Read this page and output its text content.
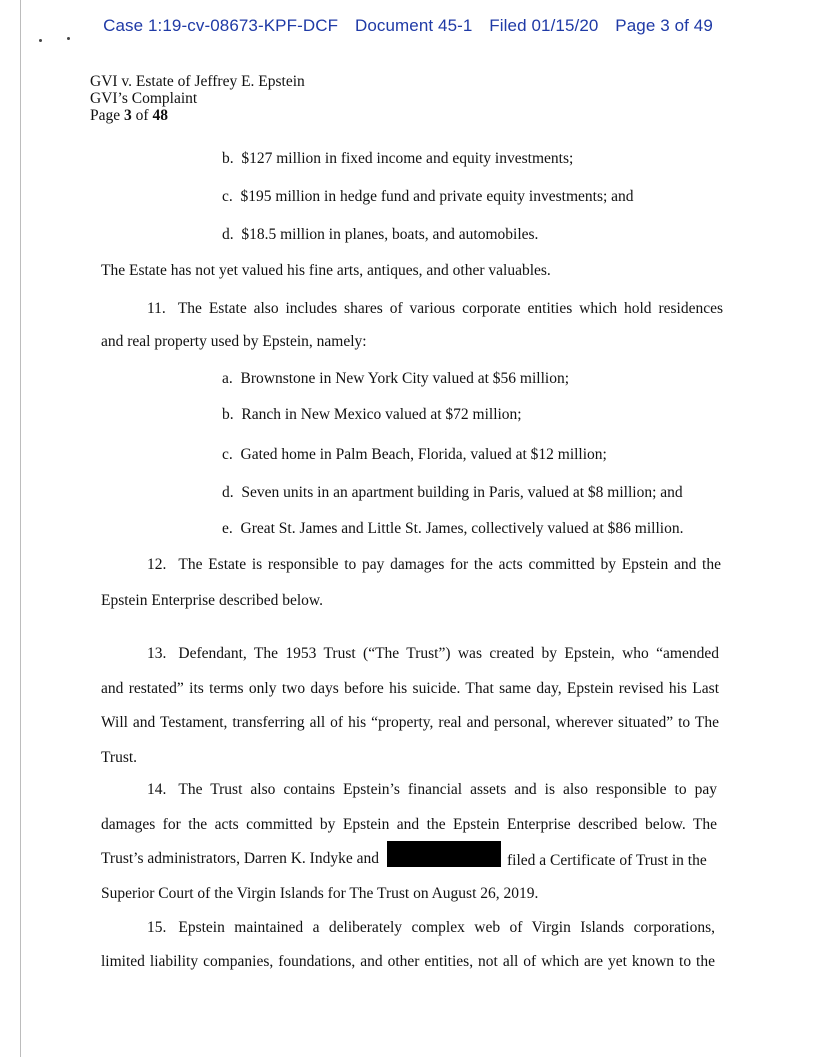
Case 1:19-cv-08673-KPF-DCF Document 45-1 Filed 01/15/20 Page 3 of 49
GVI v. Estate of Jeffrey E. Epstein
GVI’s Complaint
Page 3 of 48
b. $127 million in fixed income and equity investments;
c. $195 million in hedge fund and private equity investments; and
d. $18.5 million in planes, boats, and automobiles.
The Estate has not yet valued his fine arts, antiques, and other valuables.
11. The Estate also includes shares of various corporate entities which hold residences
and real property used by Epstein, namely:
a. Brownstone in New York City valued at $56 million;
b. Ranch in New Mexico valued at $72 million;
c. Gated home in Palm Beach, Florida, valued at $12 million;
d. Seven units in an apartment building in Paris, valued at $8 million; and
e. Great St. James and Little St. James, collectively valued at $86 million.
12. The Estate is responsible to pay damages for the acts committed by Epstein and the
Epstein Enterprise described below.
13. Defendant, The 1953 Trust (“The Trust”) was created by Epstein, who “amended
and restated” its terms only two days before his suicide. That same day, Epstein revised his Last
Will and Testament, transferring all of his “property, real and personal, wherever situated” to The
Trust.
14. The Trust also contains Epstein’s financial assets and is also responsible to pay
damages for the acts committed by Epstein and the Epstein Enterprise described below. The
Trust’s administrators, Darren K. Indyke and	filed a Certificate of Trust in the
Superior Court of the Virgin Islands for The Trust on August 26, 2019.
15. Epstein maintained a deliberately complex web of Virgin Islands corporations,
limited liability companies, foundations, and other entities, not all of which are yet known to the
